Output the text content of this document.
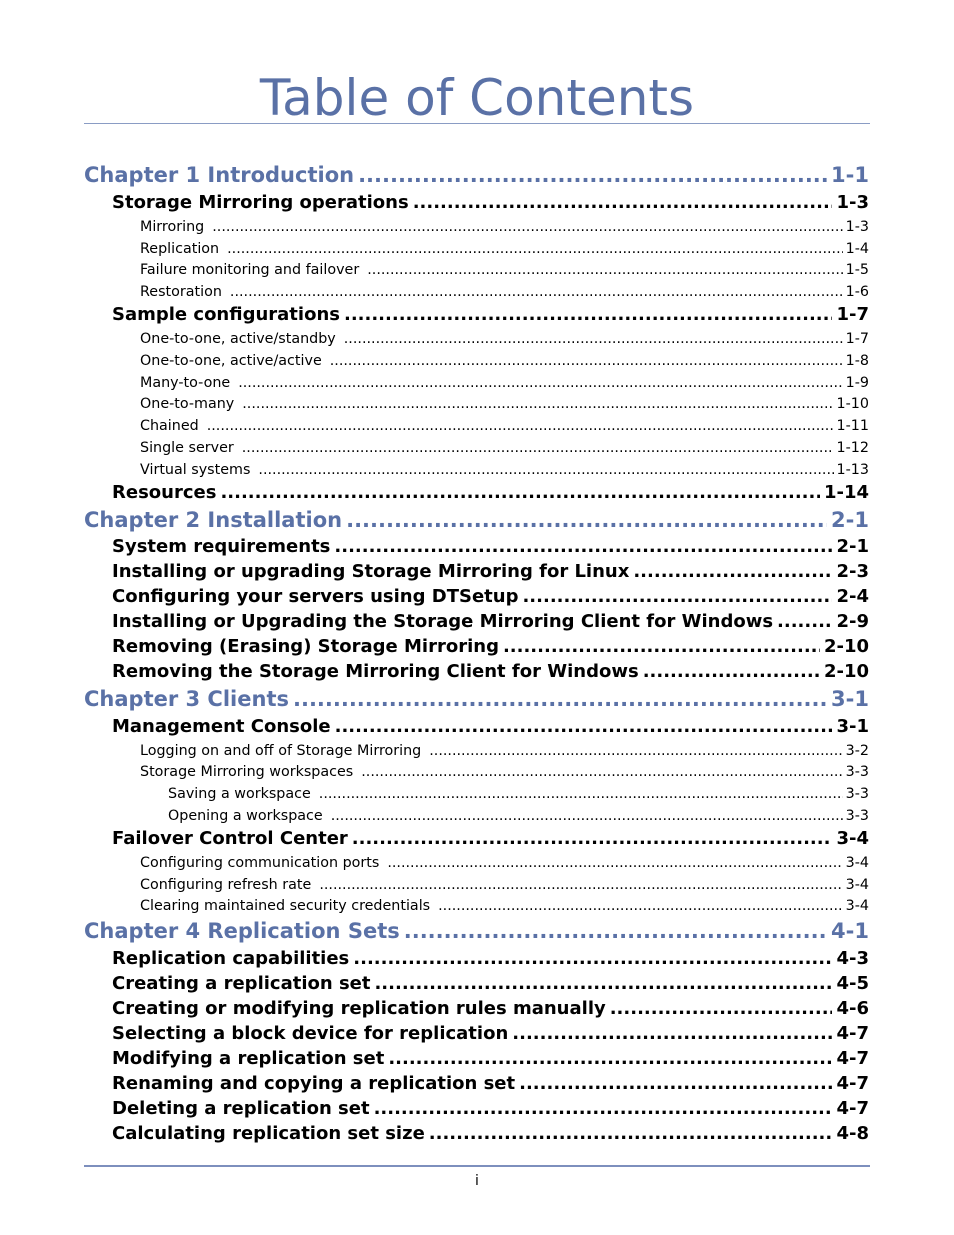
Table of Contents
Chapter 1 Introduction .....	1-1
Storage Mirroring operations .....	1-3
Mirroring .....	1-3
Replication .....	1-4
Failure monitoring and failover .....	1-5
Restoration .....	1-6
Sample configurations .....	1-7
One-to-one, active/standby .....	1-7
One-to-one, active/active .....	1-8
Many-to-one .....	1-9
One-to-many .....	1-10
Chained .....	1-11
Single server .....	1-12
Virtual systems .....	1-13
Resources .....	1-14
Chapter 2 Installation .....	2-1
System requirements .....	2-1
Installing or upgrading Storage Mirroring for Linux .....	2-3
Configuring your servers using DTSetup .....	2-4
Installing or Upgrading the Storage Mirroring Client for Windows .....	2-9
Removing (Erasing) Storage Mirroring .....	2-10
Removing the Storage Mirroring Client for Windows .....	2-10
Chapter 3 Clients .....	3-1
Management Console .....	3-1
Logging on and off of Storage Mirroring .....	3-2
Storage Mirroring workspaces .....	3-3
Saving a workspace .....	3-3
Opening a workspace .....	3-3
Failover Control Center .....	3-4
Configuring communication ports .....	3-4
Configuring refresh rate .....	3-4
Clearing maintained security credentials .....	3-4
Chapter 4 Replication Sets .....	4-1
Replication capabilities .....	4-3
Creating a replication set .....	4-5
Creating or modifying replication rules manually .....	4-6
Selecting a block device for replication .....	4-7
Modifying a replication set .....	4-7
Renaming and copying a replication set .....	4-7
Deleting a replication set .....	4-7
Calculating replication set size .....	4-8
i
